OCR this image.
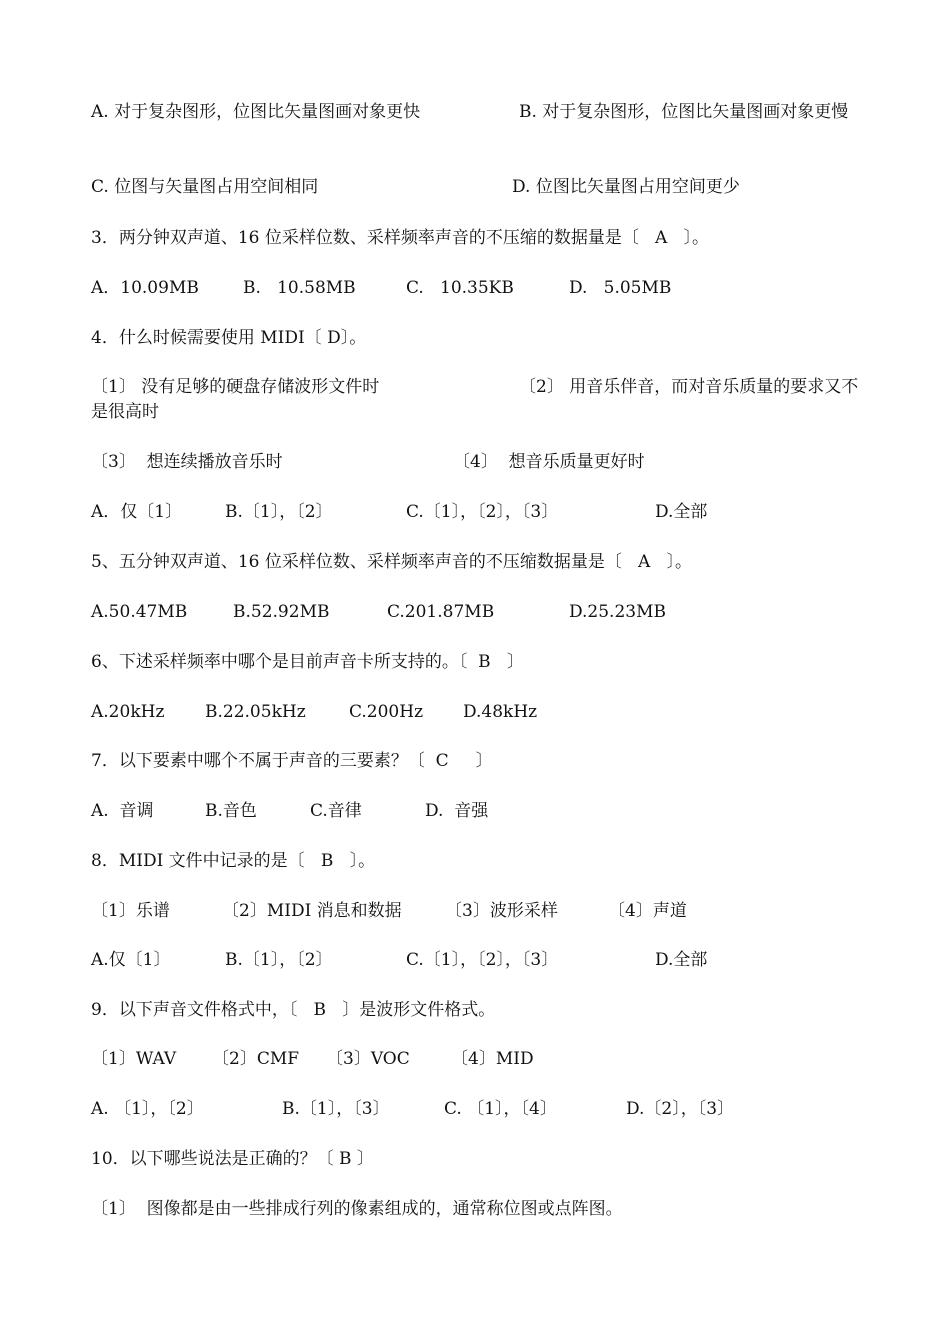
A. 对于复杂图形，位图比矢量图画对象更快	B. 对于复杂图形，位图比矢量图画对象更慢
C. 位图与矢量图占用空间相同	D. 位图比矢量图占用空间更少
3．两分钟双声道、16 位采样位数、采样频率声音的不压缩的数据量是〔   A   〕。
A．10.09MB	B.   10.58MB	C.   10.35KB	D.   5.05MB
4．什么时候需要使用 MIDI〔 D〕。
〔1〕 没有足够的硬盘存储波形文件时	〔2〕 用音乐伴音，而对音乐质量的要求又不是很高时
〔3〕  想连续播放音乐时	〔4〕  想音乐质量更好时
A．仅〔1〕	B.〔1〕，〔2〕	C.〔1〕，〔2〕，〔3〕	D.全部
5、五分钟双声道、16 位采样位数、采样频率声音的不压缩数据量是〔   A   〕。
A.50.47MB	B.52.92MB	C.201.87MB	D.25.23MB
6、下述采样频率中哪个是目前声音卡所支持的。〔  B   〕
A.20kHz B.22.05kHz	C.200Hz D.48kHz
7．以下要素中哪个不属于声音的三要素？〔  C     〕
A.  音调	B.音色	C.音律	D.  音强
8．MIDI 文件中记录的是〔   B   〕。
〔1〕乐谱	〔2〕MIDI 消息和数据	〔3〕波形采样	〔4〕声道
A.仅〔1〕	B.〔1〕，〔2〕	C.〔1〕，〔2〕，〔3〕	D.全部
9．以下声音文件格式中，〔   B   〕是波形文件格式。
〔1〕WAV 〔2〕CMF 〔3〕VOC 〔4〕MID
A. 〔1〕，〔2〕	B.〔1〕，〔3〕	C. 〔1〕，〔4〕	D.〔2〕，〔3〕
10．以下哪些说法是正确的？〔 B 〕
〔1〕  图像都是由一些排成行列的像素组成的，通常称位图或点阵图。
